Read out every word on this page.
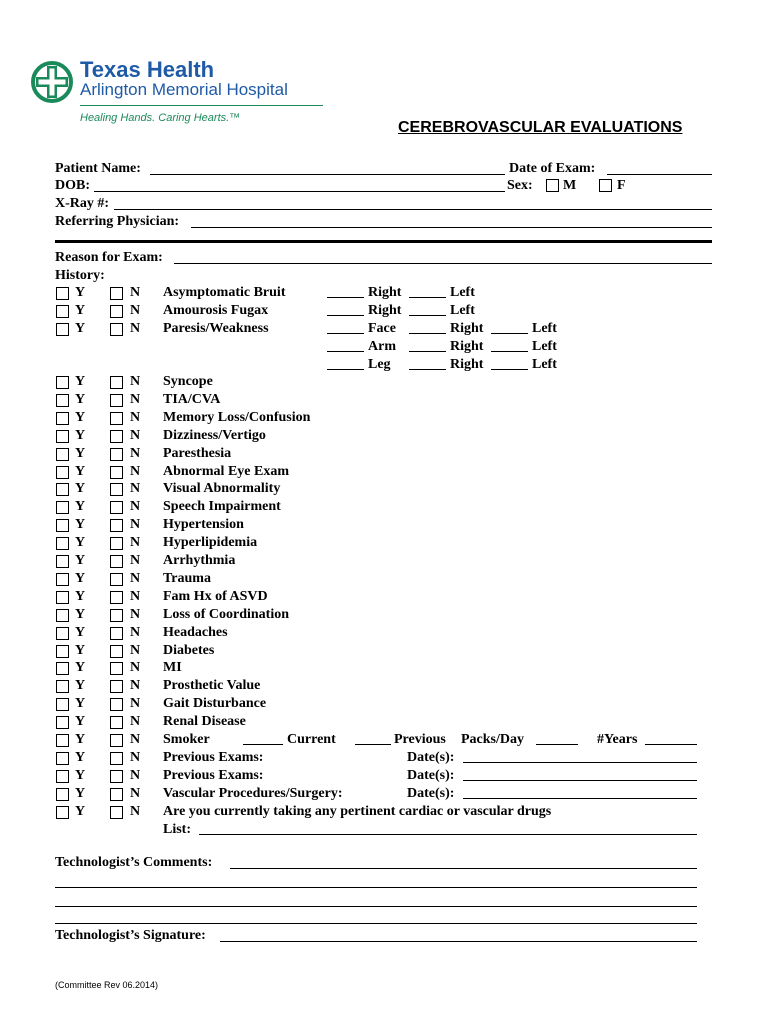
Texas Health
Arlington Memorial Hospital
Healing Hands. Caring Hearts.™
CEREBROVASCULAR EVALUATIONS
Patient Name:	Date of Exam:
DOB:	Sex: M	F
X-Ray #:
Referring Physician:
Reason for Exam:
History:
Y	N Asymptomatic Bruit	Right	Left
Y	N Amourosis Fugax	Right	Left
Y	N Paresis/Weakness	Face	Right	Left
Arm	Right	Left
Leg	Right	Left
Y	N Syncope
Y	N TIA/CVA
Y	N Memory Loss/Confusion
Y	N Dizziness/Vertigo
Y	N Paresthesia
Y	N Abnormal Eye Exam
Y	N Visual Abnormality
Y	N Speech Impairment
Y	N Hypertension
Y	N Hyperlipidemia
Y	N Arrhythmia
Y	N Trauma
Y	N Fam Hx of ASVD
Y	N Loss of Coordination
Y	N Headaches
Y	N Diabetes
Y	N MI
Y	N Prosthetic Value
Y	N Gait Disturbance
Y	N Renal Disease
Y	N Smoker	Current	Previous Packs/Day	#Years
Y	N Previous Exams:	Date(s):
Y	N Previous Exams:	Date(s):
Y	N Vascular Procedures/Surgery:	Date(s):
Y	N Are you currently taking any pertinent cardiac or vascular drugs
List:
Technologist’s Comments:
Technologist’s Signature:
(Committee Rev 06.2014)
